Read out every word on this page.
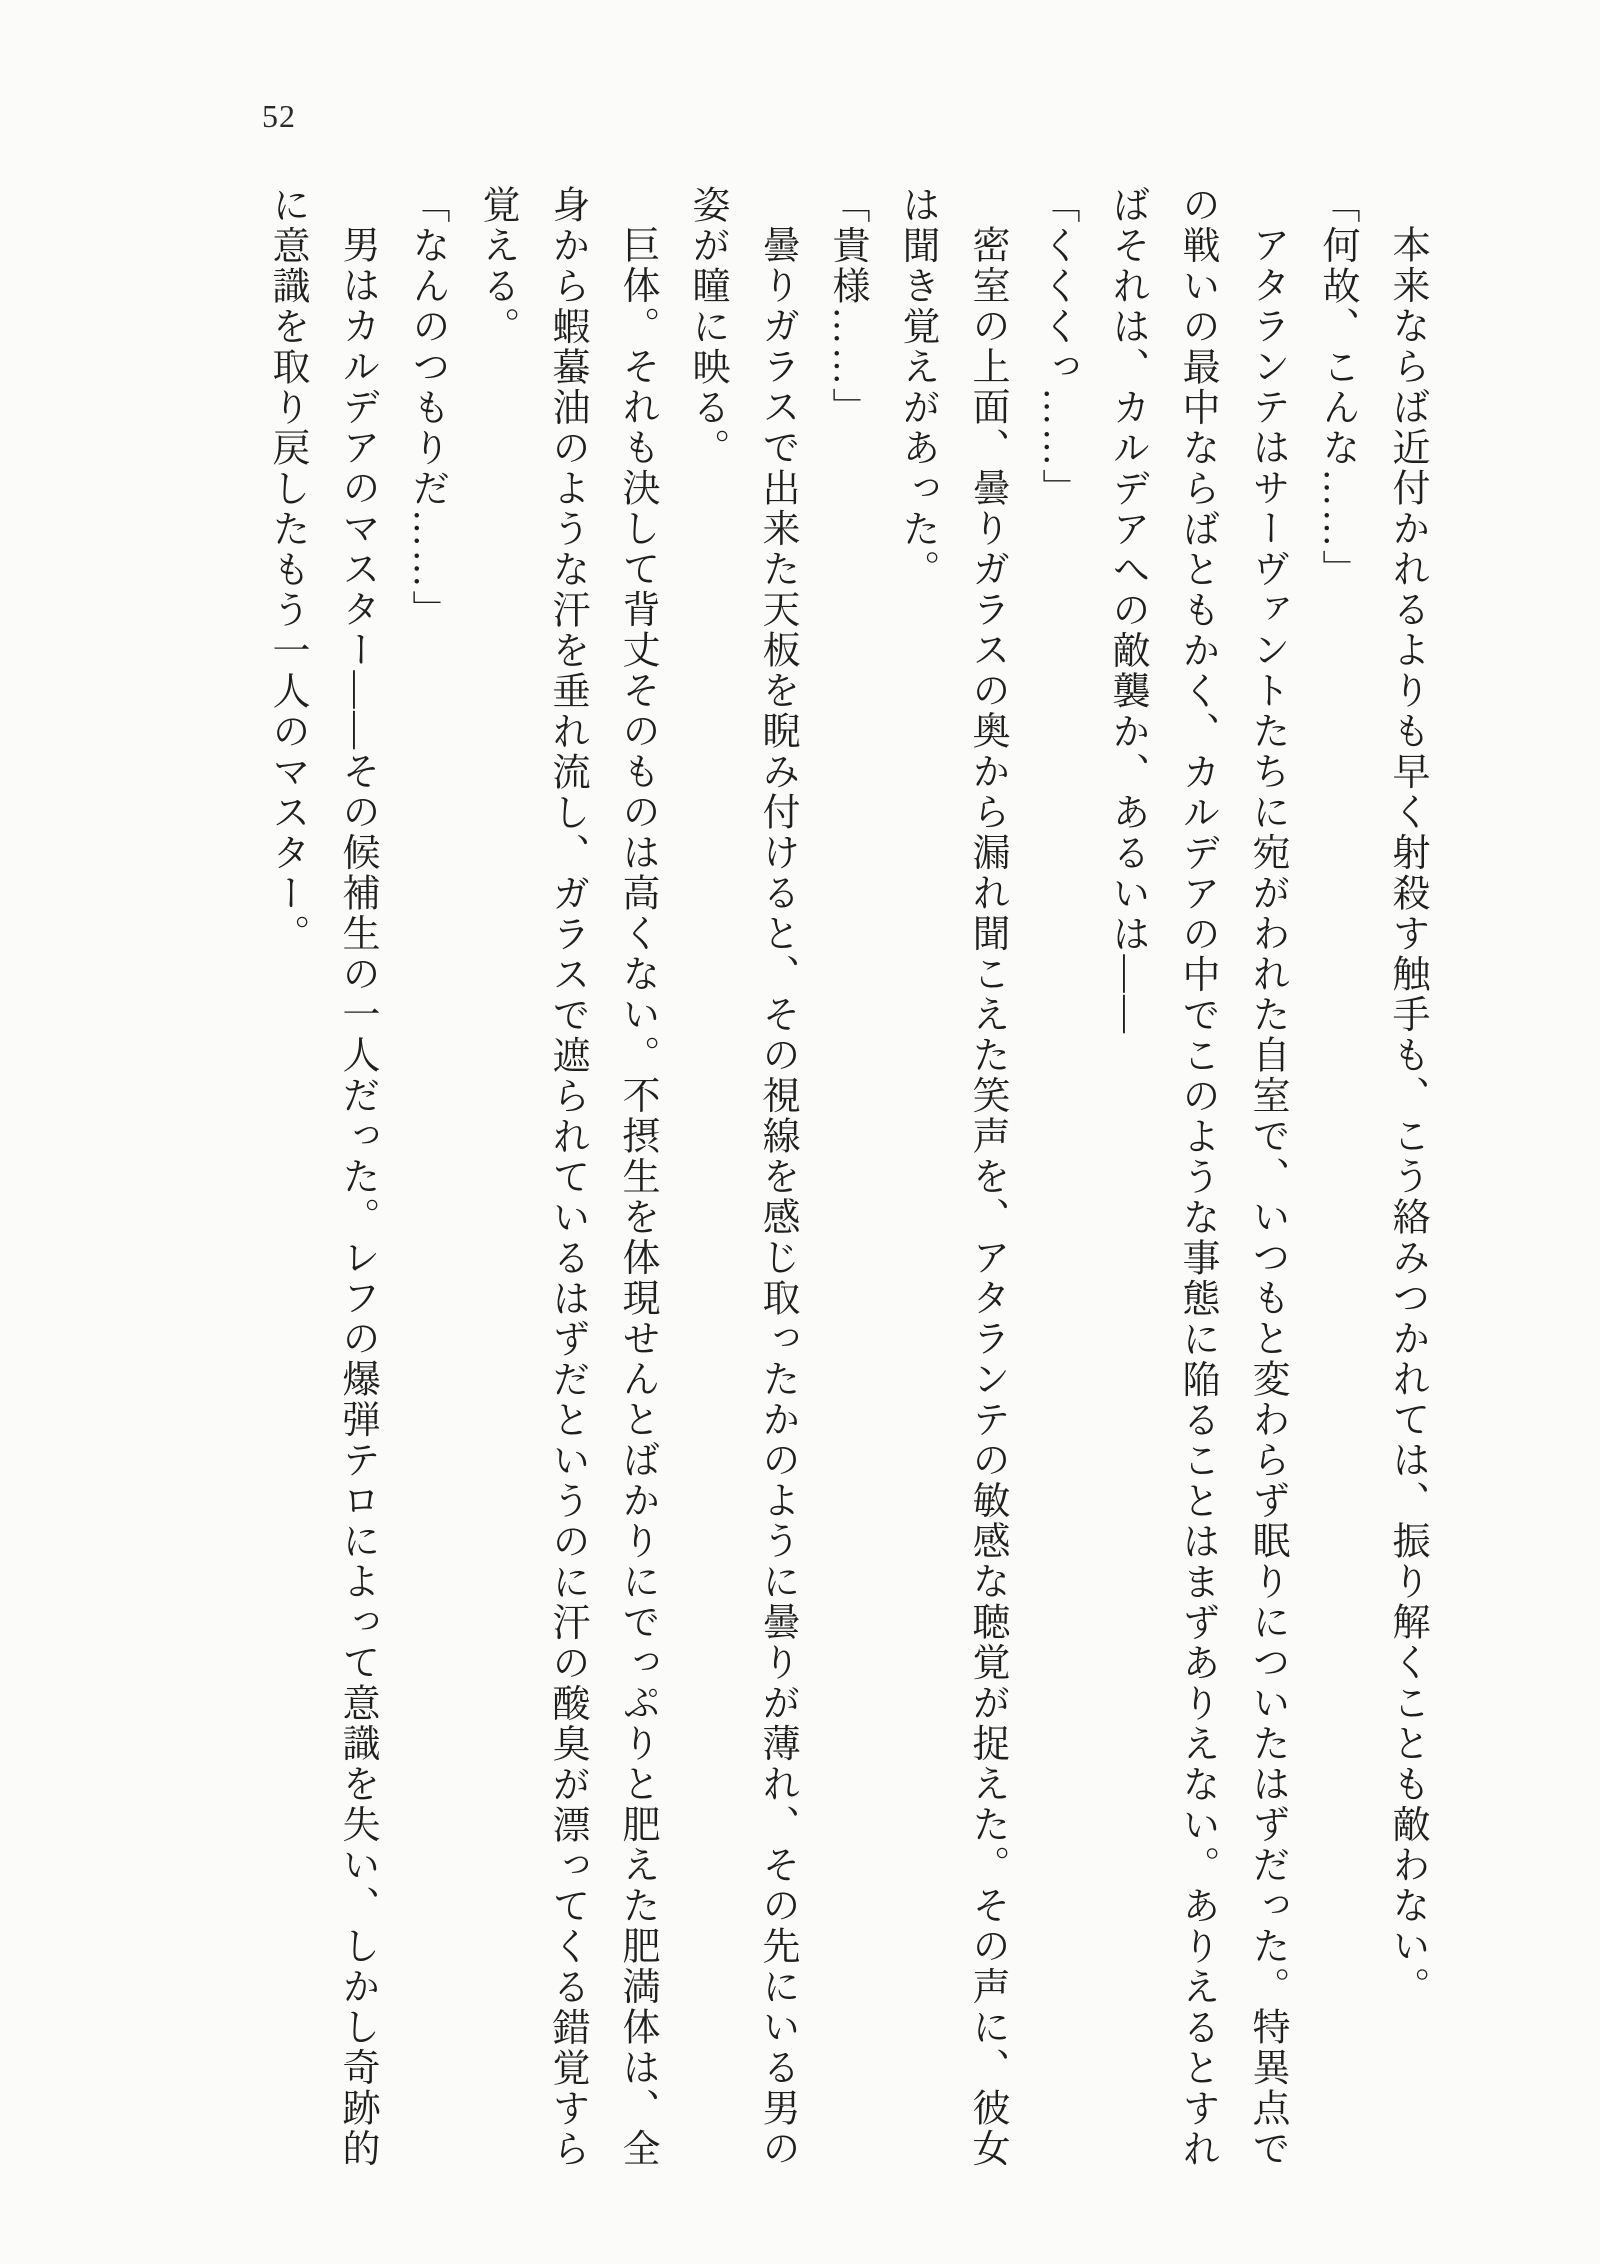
52
本来ならば近付かれるよりも早く射殺す触手も、こう絡みつかれては、振り解くことも敵わない。
「何故、こんな……」
アタランテはサーヴァントたちに宛がわれた自室で、いつもと変わらず眠りについたはずだった。特異点で
の戦いの最中ならばともかく、カルデアの中でこのような事態に陥ることはまずありえない。ありえるとすれ
ばそれは、カルデアへの敵襲か、あるいは――
「くくくっ……」
密室の上面、曇りガラスの奥から漏れ聞こえた笑声を、アタランテの敏感な聴覚が捉えた。その声に、彼女
は聞き覚えがあった。
「貴様……」
曇りガラスで出来た天板を睨み付けると、その視線を感じ取ったかのように曇りが薄れ、その先にいる男の
姿が瞳に映る。
巨体。それも決して背丈そのものは高くない。不摂生を体現せんとばかりにでっぷりと肥えた肥満体は、全
身から蝦蟇油のような汗を垂れ流し、ガラスで遮られているはずだというのに汗の酸臭が漂ってくる錯覚すら
覚える。
「なんのつもりだ……」
男はカルデアのマスター――その候補生の一人だった。レフの爆弾テロによって意識を失い、しかし奇跡的
に意識を取り戻したもう一人のマスター。
